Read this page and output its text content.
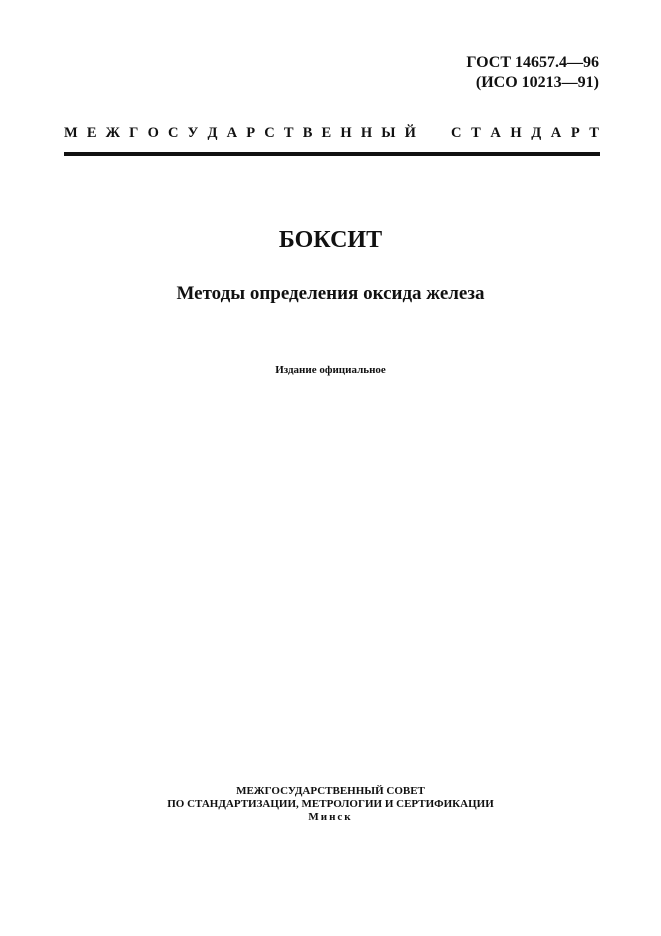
ГОСТ 14657.4—96
(ИСО 10213—91)
М Е Ж Г О С У Д А Р С Т В Е Н Н Ы Й С Т А Н Д А Р Т
БОКСИТ
Методы определения оксида железа
Издание официальное
МЕЖГОСУДАРСТВЕННЫЙ СОВЕТ
ПО СТАНДАРТИЗАЦИИ, МЕТРОЛОГИИ И СЕРТИФИКАЦИИ
Минск
